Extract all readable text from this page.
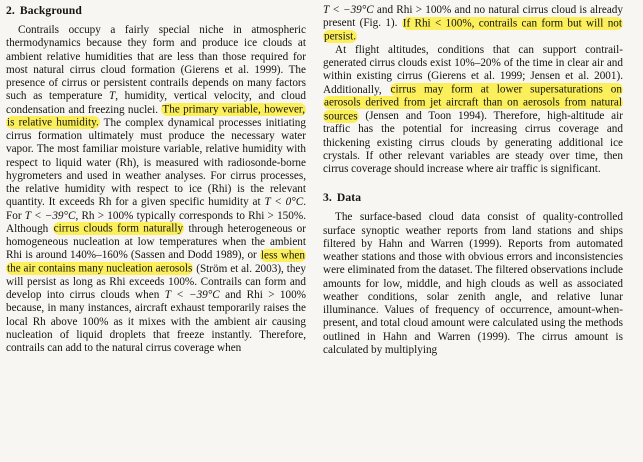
2. Background

Contrails occupy a fairly special niche in atmospheric thermodynamics because they form and produce ice clouds at ambient relative humidities that are less than those required for most natural cirrus cloud formation (Gierens et al. 1999). The presence of cirrus or persistent contrails depends on many factors such as temperature T, humidity, vertical velocity, and cloud condensation and freezing nuclei. The primary variable, however, is relative humidity. The complex dynamical processes initiating cirrus formation ultimately must produce the necessary water vapor. The most familiar moisture variable, relative humidity with respect to liquid water (Rh), is measured with radiosonde-borne hygrometers and used in weather analyses. For cirrus processes, the relative humidity with respect to ice (Rhi) is the relevant quantity. It exceeds Rh for a given specific humidity at T < 0°C. For T < −39°C, Rh > 100% typically corresponds to Rhi > 150%. Although cirrus clouds form naturally through heterogeneous or homogeneous nucleation at low temperatures when the ambient Rhi is around 140%–160% (Sassen and Dodd 1989), or less when the air contains many nucleation aerosols (Ström et al. 2003), they will persist as long as Rhi exceeds 100%. Contrails can form and develop into cirrus clouds when T < −39°C and Rhi > 100% because, in many instances, aircraft exhaust temporarily raises the local Rh above 100% as it mixes with the ambient air causing nucleation of liquid droplets that freeze instantly. Therefore, contrails can add to the natural cirrus coverage when

T < −39°C and Rhi > 100% and no natural cirrus cloud is already present (Fig. 1). If Rhi < 100%, contrails can form but will not persist.

At flight altitudes, conditions that can support contrail-generated cirrus clouds exist 10%–20% of the time in clear air and within existing cirrus (Gierens et al. 1999; Jensen et al. 2001). Additionally, cirrus may form at lower supersaturations on aerosols derived from jet aircraft than on aerosols from natural sources (Jensen and Toon 1994). Therefore, high-altitude air traffic has the potential for increasing cirrus coverage and thickening existing cirrus clouds by generating additional ice crystals. If other relevant variables are steady over time, then cirrus coverage should increase where air traffic is significant.

3. Data

The surface-based cloud data consist of quality-controlled surface synoptic weather reports from land stations and ships filtered by Hahn and Warren (1999). Reports from automated weather stations and those with obvious errors and inconsistencies were eliminated from the dataset. The filtered observations include amounts for low, middle, and high clouds as well as associated weather conditions, solar zenith angle, and relative lunar illuminance. Values of frequency of occurrence, amount-when-present, and total cloud amount were calculated using the methods outlined in Hahn and Warren (1999). The cirrus amount is calculated by multiplying
